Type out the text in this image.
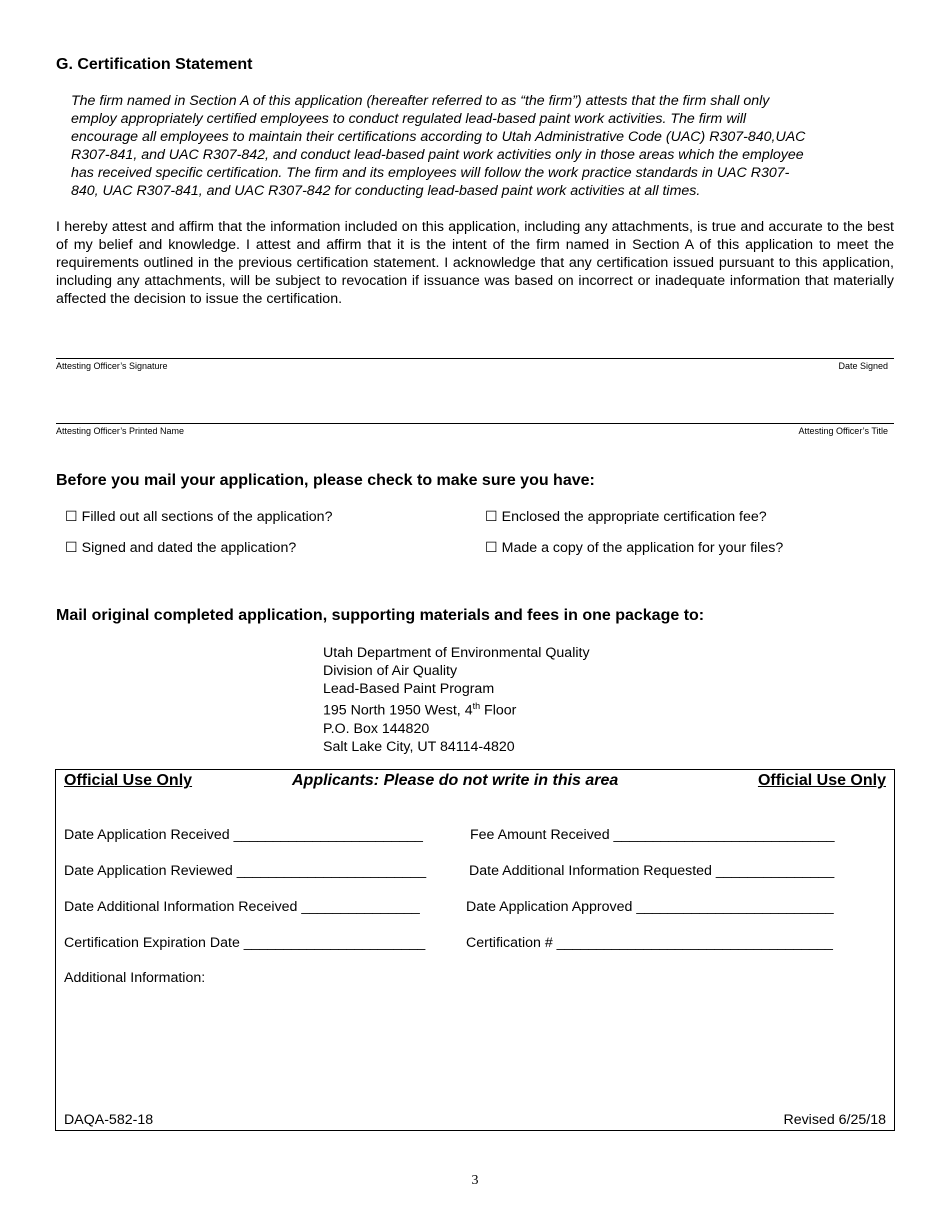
G. Certification Statement
The firm named in Section A of this application (hereafter referred to as “the firm”) attests that the firm shall only
employ appropriately certified employees to conduct regulated lead-based paint work activities. The firm will
encourage all employees to maintain their certifications according to Utah Administrative Code (UAC) R307-840,UAC
R307-841, and UAC R307-842, and conduct lead-based paint work activities only in those areas which the employee
has received specific certification. The firm and its employees will follow the work practice standards in UAC R307-
840, UAC R307-841, and UAC R307-842 for conducting lead-based paint work activities at all times.
I hereby attest and affirm that the information included on this application, including any attachments, is true and accurate to the best of my belief and knowledge. I attest and affirm that it is the intent of the firm named in Section A of this application to meet the requirements outlined in the previous certification statement. I acknowledge that any certification issued pursuant to this application, including any attachments, will be subject to revocation if issuance was based on incorrect or inadequate information that materially affected the decision to issue the certification.
Attesting Officer’s Signature	Date Signed
Attesting Officer’s Printed Name	Attesting Officer’s Title
Before you mail your application, please check to make sure you have:
☐ Filled out all sections of the application?	☐ Enclosed the appropriate certification fee?
☐ Signed and dated the application?	☐ Made a copy of the application for your files?
Mail original completed application, supporting materials and fees in one package to:
Utah Department of Environmental Quality
Division of Air Quality
Lead-Based Paint Program
195 North 1950 West, 4th Floor
P.O. Box 144820
Salt Lake City, UT 84114-4820
Official Use Only	Applicants: Please do not write in this area	Official Use Only
Date Application Received ________________________	Fee Amount Received ____________________________
Date Application Reviewed ________________________	Date Additional Information Requested _______________
Date Additional Information Received _______________	Date Application Approved _________________________
Certification Expiration Date _______________________	Certification # ___________________________________
Additional Information:
DAQA-582-18	Revised 6/25/18
3
